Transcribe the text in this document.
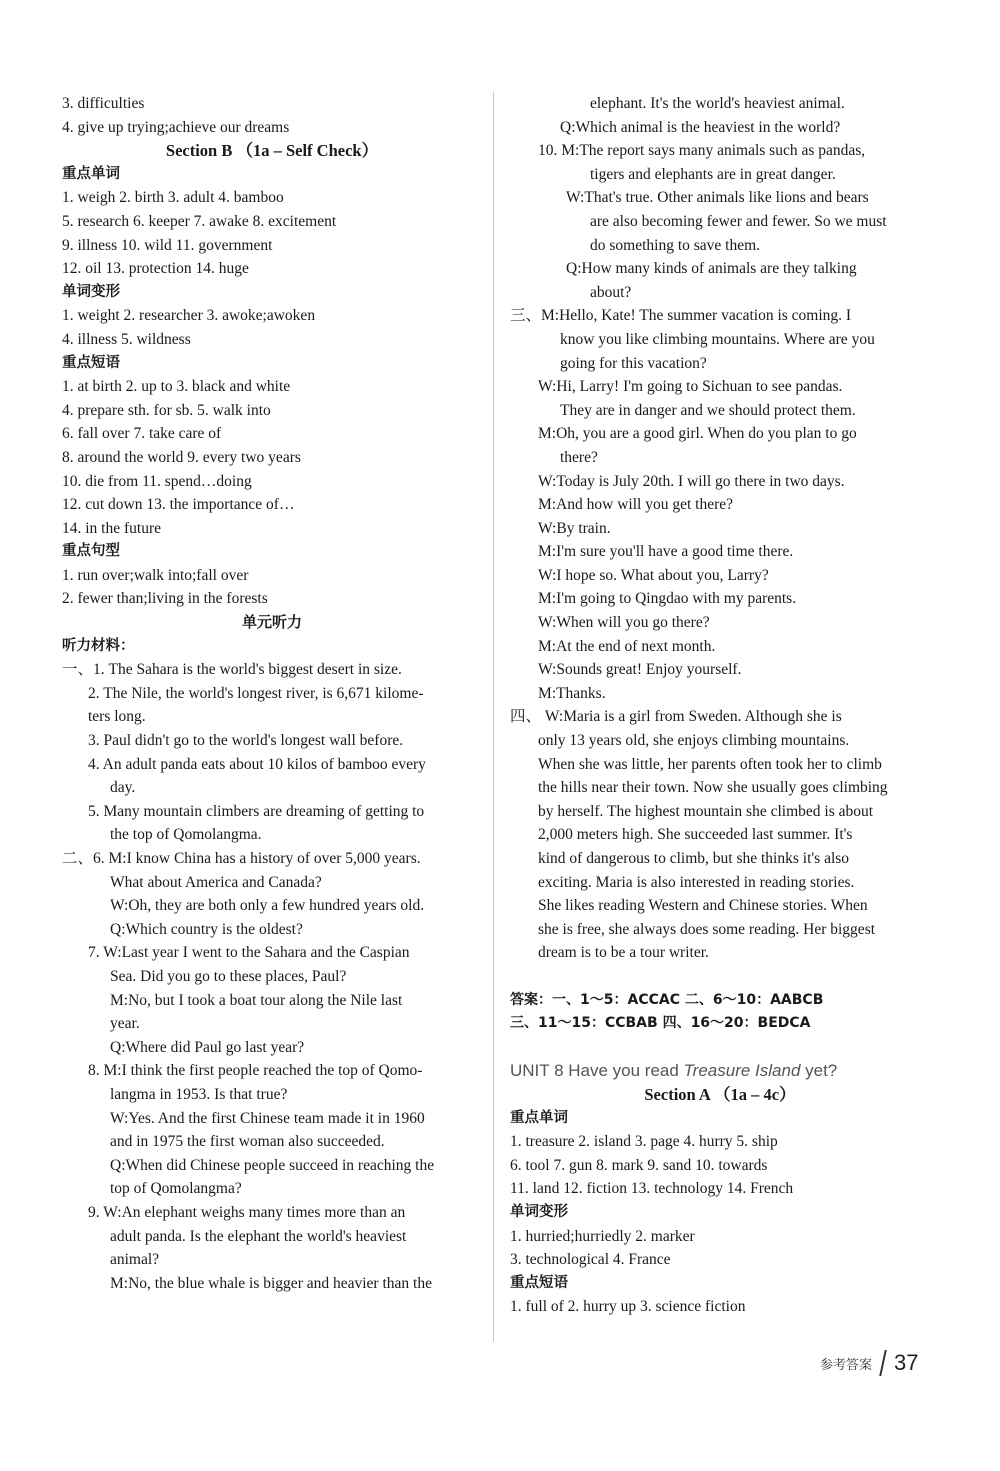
3. difficulties
4. give up trying;achieve our dreams
Section B （1a – Self Check）
重点单词
1. weigh 2. birth 3. adult 4. bamboo
5. research 6. keeper 7. awake 8. excitement
9. illness 10. wild 11. government
12. oil 13. protection 14. huge
单词变形
1. weight 2. researcher 3. awoke;awoken
4. illness 5. wildness
重点短语
1. at birth 2. up to 3. black and white
4. prepare sth. for sb. 5. walk into
6. fall over 7. take care of
8. around the world 9. every two years
10. die from 11. spend…doing
12. cut down 13. the importance of…
14. in the future
重点句型
1. run over;walk into;fall over
2. fewer than;living in the forests
单元听力
听力材料：
一、1. The Sahara is the world's biggest desert in size.
2. The Nile, the world's longest river, is 6,671 kilome-
ters long.
3. Paul didn't go to the world's longest wall before.
4. An adult panda eats about 10 kilos of bamboo every
day.
5. Many mountain climbers are dreaming of getting to
the top of Qomolangma.
二、6. M:I know China has a history of over 5,000 years.
What about America and Canada?
W:Oh, they are both only a few hundred years old.
Q:Which country is the oldest?
7. W:Last year I went to the Sahara and the Caspian
Sea. Did you go to these places, Paul?
M:No, but I took a boat tour along the Nile last
year.
Q:Where did Paul go last year?
8. M:I think the first people reached the top of Qomo-
langma in 1953. Is that true?
W:Yes. And the first Chinese team made it in 1960
and in 1975 the first woman also succeeded.
Q:When did Chinese people succeed in reaching the
top of Qomolangma?
9. W:An elephant weighs many times more than an
adult panda. Is the elephant the world's heaviest
animal?
M:No, the blue whale is bigger and heavier than the
elephant. It's the world's heaviest animal.
Q:Which animal is the heaviest in the world?
10. M:The report says many animals such as pandas,
tigers and elephants are in great danger.
W:That's true. Other animals like lions and bears
are also becoming fewer and fewer. So we must
do something to save them.
Q:How many kinds of animals are they talking
about?
三、M:Hello, Kate! The summer vacation is coming. I
know you like climbing mountains. Where are you
going for this vacation?
W:Hi, Larry! I'm going to Sichuan to see pandas.
They are in danger and we should protect them.
M:Oh, you are a good girl. When do you plan to go
there?
W:Today is July 20th. I will go there in two days.
M:And how will you get there?
W:By train.
M:I'm sure you'll have a good time there.
W:I hope so. What about you, Larry?
M:I'm going to Qingdao with my parents.
W:When will you go there?
M:At the end of next month.
W:Sounds great! Enjoy yourself.
M:Thanks.
四、 W:Maria is a girl from Sweden. Although she is
only 13 years old, she enjoys climbing mountains.
When she was little, her parents often took her to climb
the hills near their town. Now she usually goes climbing
by herself. The highest mountain she climbed is about
2,000 meters high. She succeeded last summer. It's
kind of dangerous to climb, but she thinks it's also
exciting. Maria is also interested in reading stories.
She likes reading Western and Chinese stories. When
she is free, she always does some reading. Her biggest
dream is to be a tour writer.
答案：一、1～5：ACCAC 二、6～10：AABCB
三、11～15：CCBAB 四、16～20：BEDCA
UNIT 8 Have you read Treasure Island yet?
Section A （1a – 4c）
重点单词
1. treasure 2. island 3. page 4. hurry 5. ship
6. tool 7. gun 8. mark 9. sand 10. towards
11. land 12. fiction 13. technology 14. French
单词变形
1. hurried;hurriedly 2. marker
3. technological 4. France
重点短语
1. full of 2. hurry up 3. science fiction
参考答案 37
